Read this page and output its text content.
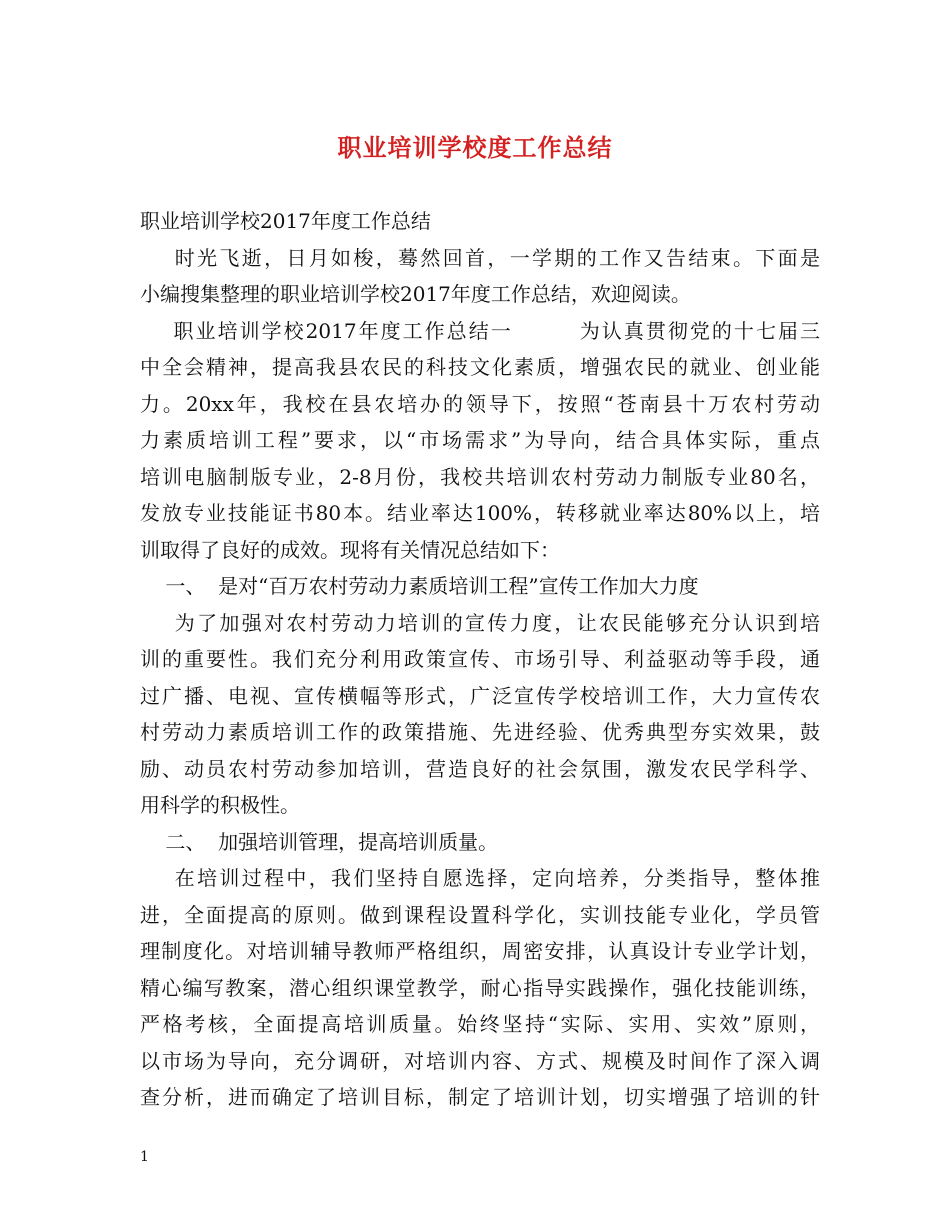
职业培训学校度工作总结
职业培训学校2017年度工作总结
时光飞逝，日月如梭，蓦然回首，一学期的工作又告结束。下面是
小编搜集整理的职业培训学校2017年度工作总结，欢迎阅读。
职业培训学校2017年度工作总结一        为认真贯彻党的十七届三
中全会精神，提高我县农民的科技文化素质，增强农民的就业、创业能
力。20xx年，我校在县农培办的领导下，按照“苍南县十万农村劳动
力素质培训工程”要求，以“市场需求”为导向，结合具体实际，重点
培训电脑制版专业，2-8月份，我校共培训农村劳动力制版专业80名，
发放专业技能证书80本。结业率达100%，转移就业率达80%以上，培
训取得了良好的成效。现将有关情况总结如下：
一、  是对“百万农村劳动力素质培训工程”宣传工作加大力度
为了加强对农村劳动力培训的宣传力度，让农民能够充分认识到培
训的重要性。我们充分利用政策宣传、市场引导、利益驱动等手段，通
过广播、电视、宣传横幅等形式，广泛宣传学校培训工作，大力宣传农
村劳动力素质培训工作的政策措施、先进经验、优秀典型夯实效果，鼓
励、动员农村劳动参加培训，营造良好的社会氛围，激发农民学科学、
用科学的积极性。
二、  加强培训管理，提高培训质量。
在培训过程中，我们坚持自愿选择，定向培养，分类指导，整体推
进，全面提高的原则。做到课程设置科学化，实训技能专业化，学员管
理制度化。对培训辅导教师严格组织，周密安排，认真设计专业学计划，
精心编写教案，潜心组织课堂教学，耐心指导实践操作，强化技能训练，
严格考核，全面提高培训质量。始终坚持“实际、实用、实效”原则，
以市场为导向，充分调研，对培训内容、方式、规模及时间作了深入调
查分析，进而确定了培训目标，制定了培训计划，切实增强了培训的针
1
